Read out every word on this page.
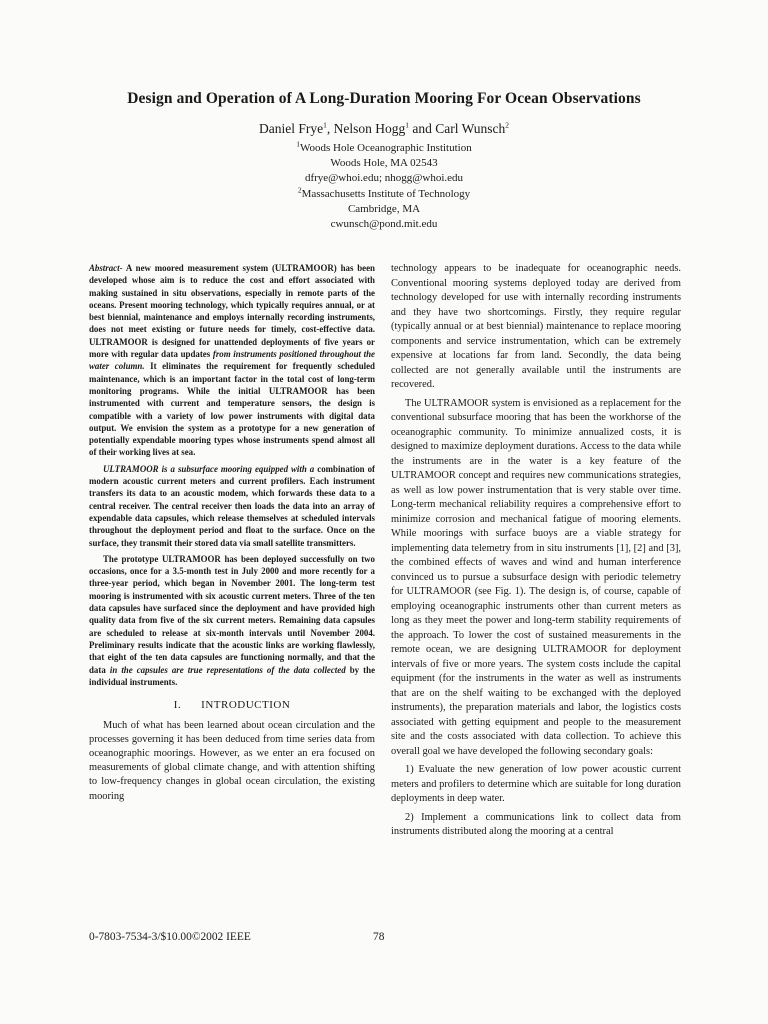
Design and Operation of A Long-Duration Mooring For Ocean Observations
Daniel Frye$^1$, Nelson Hogg$^1$ and Carl Wunsch$^2$
$^1$Woods Hole Oceanographic Institution
Woods Hole, MA 02543
dfrye@whoi.edu; nhogg@whoi.edu
$^2$Massachusetts Institute of Technology
Cambridge, MA
cwunsch@pond.mit.edu

Abstract- A new moored measurement system (ULTRAMOOR) has been developed whose aim is to reduce the cost and effort associated with making sustained in situ observations, especially in remote parts of the oceans. Present mooring technology, which typically requires annual, or at best biennial, maintenance and employs internally recording instruments, does not meet existing or future needs for timely, cost-effective data. ULTRAMOOR is designed for unattended deployments of five years or more with regular data updates from instruments positioned throughout the water column. It eliminates the requirement for frequently scheduled maintenance, which is an important factor in the total cost of long-term monitoring programs. While the initial ULTRAMOOR has been instrumented with current and temperature sensors, the design is compatible with a variety of low power instruments with digital data output. We envision the system as a prototype for a new generation of potentially expendable mooring types whose instruments spend almost all of their working lives at sea.

ULTRAMOOR is a subsurface mooring equipped with a combination of modern acoustic current meters and current profilers. Each instrument transfers its data to an acoustic modem, which forwards these data to a central receiver. The central receiver then loads the data into an array of expendable data capsules, which release themselves at scheduled intervals throughout the deployment period and float to the surface. Once on the surface, they transmit their stored data via small satellite transmitters.

The prototype ULTRAMOOR has been deployed successfully on two occasions, once for a 3.5-month test in July 2000 and more recently for a three-year period, which began in November 2001. The long-term test mooring is instrumented with six acoustic current meters. Three of the ten data capsules have surfaced since the deployment and have provided high quality data from five of the six current meters. Remaining data capsules are scheduled to release at six-month intervals until November 2004. Preliminary results indicate that the acoustic links are working flawlessly, that eight of the ten data capsules are functioning normally, and that the data in the capsules are true representations of the data collected by the individual instruments.

I. INTRODUCTION

Much of what has been learned about ocean circulation and the processes governing it has been deduced from time series data from oceanographic moorings. However, as we enter an era focused on measurements of global climate change, and with attention shifting to low-frequency changes in global ocean circulation, the existing mooring

technology appears to be inadequate for oceanographic needs. Conventional mooring systems deployed today are derived from technology developed for use with internally recording instruments and they have two shortcomings. Firstly, they require regular (typically annual or at best biennial) maintenance to replace mooring components and service instrumentation, which can be extremely expensive at locations far from land. Secondly, the data being collected are not generally available until the instruments are recovered.

The ULTRAMOOR system is envisioned as a replacement for the conventional subsurface mooring that has been the workhorse of the oceanographic community. To minimize annualized costs, it is designed to maximize deployment durations. Access to the data while the instruments are in the water is a key feature of the ULTRAMOOR concept and requires new communications strategies, as well as low power instrumentation that is very stable over time. Long-term mechanical reliability requires a comprehensive effort to minimize corrosion and mechanical fatigue of mooring elements. While moorings with surface buoys are a viable strategy for implementing data telemetry from in situ instruments [1], [2] and [3], the combined effects of waves and wind and human interference convinced us to pursue a subsurface design with periodic telemetry for ULTRAMOOR (see Fig. 1). The design is, of course, capable of employing oceanographic instruments other than current meters as long as they meet the power and long-term stability requirements of the approach. To lower the cost of sustained measurements in the remote ocean, we are designing ULTRAMOOR for deployment intervals of five or more years. The system costs include the capital equipment (for the instruments in the water as well as instruments that are on the shelf waiting to be exchanged with the deployed instruments), the preparation materials and labor, the logistics costs associated with getting equipment and people to the measurement site and the costs associated with data collection. To achieve this overall goal we have developed the following secondary goals:

1) Evaluate the new generation of low power acoustic current meters and profilers to determine which are suitable for long duration deployments in deep water.

2) Implement a communications link to collect data from instruments distributed along the mooring at a central

0-7803-7534-3/$10.00©2002 IEEE	78
